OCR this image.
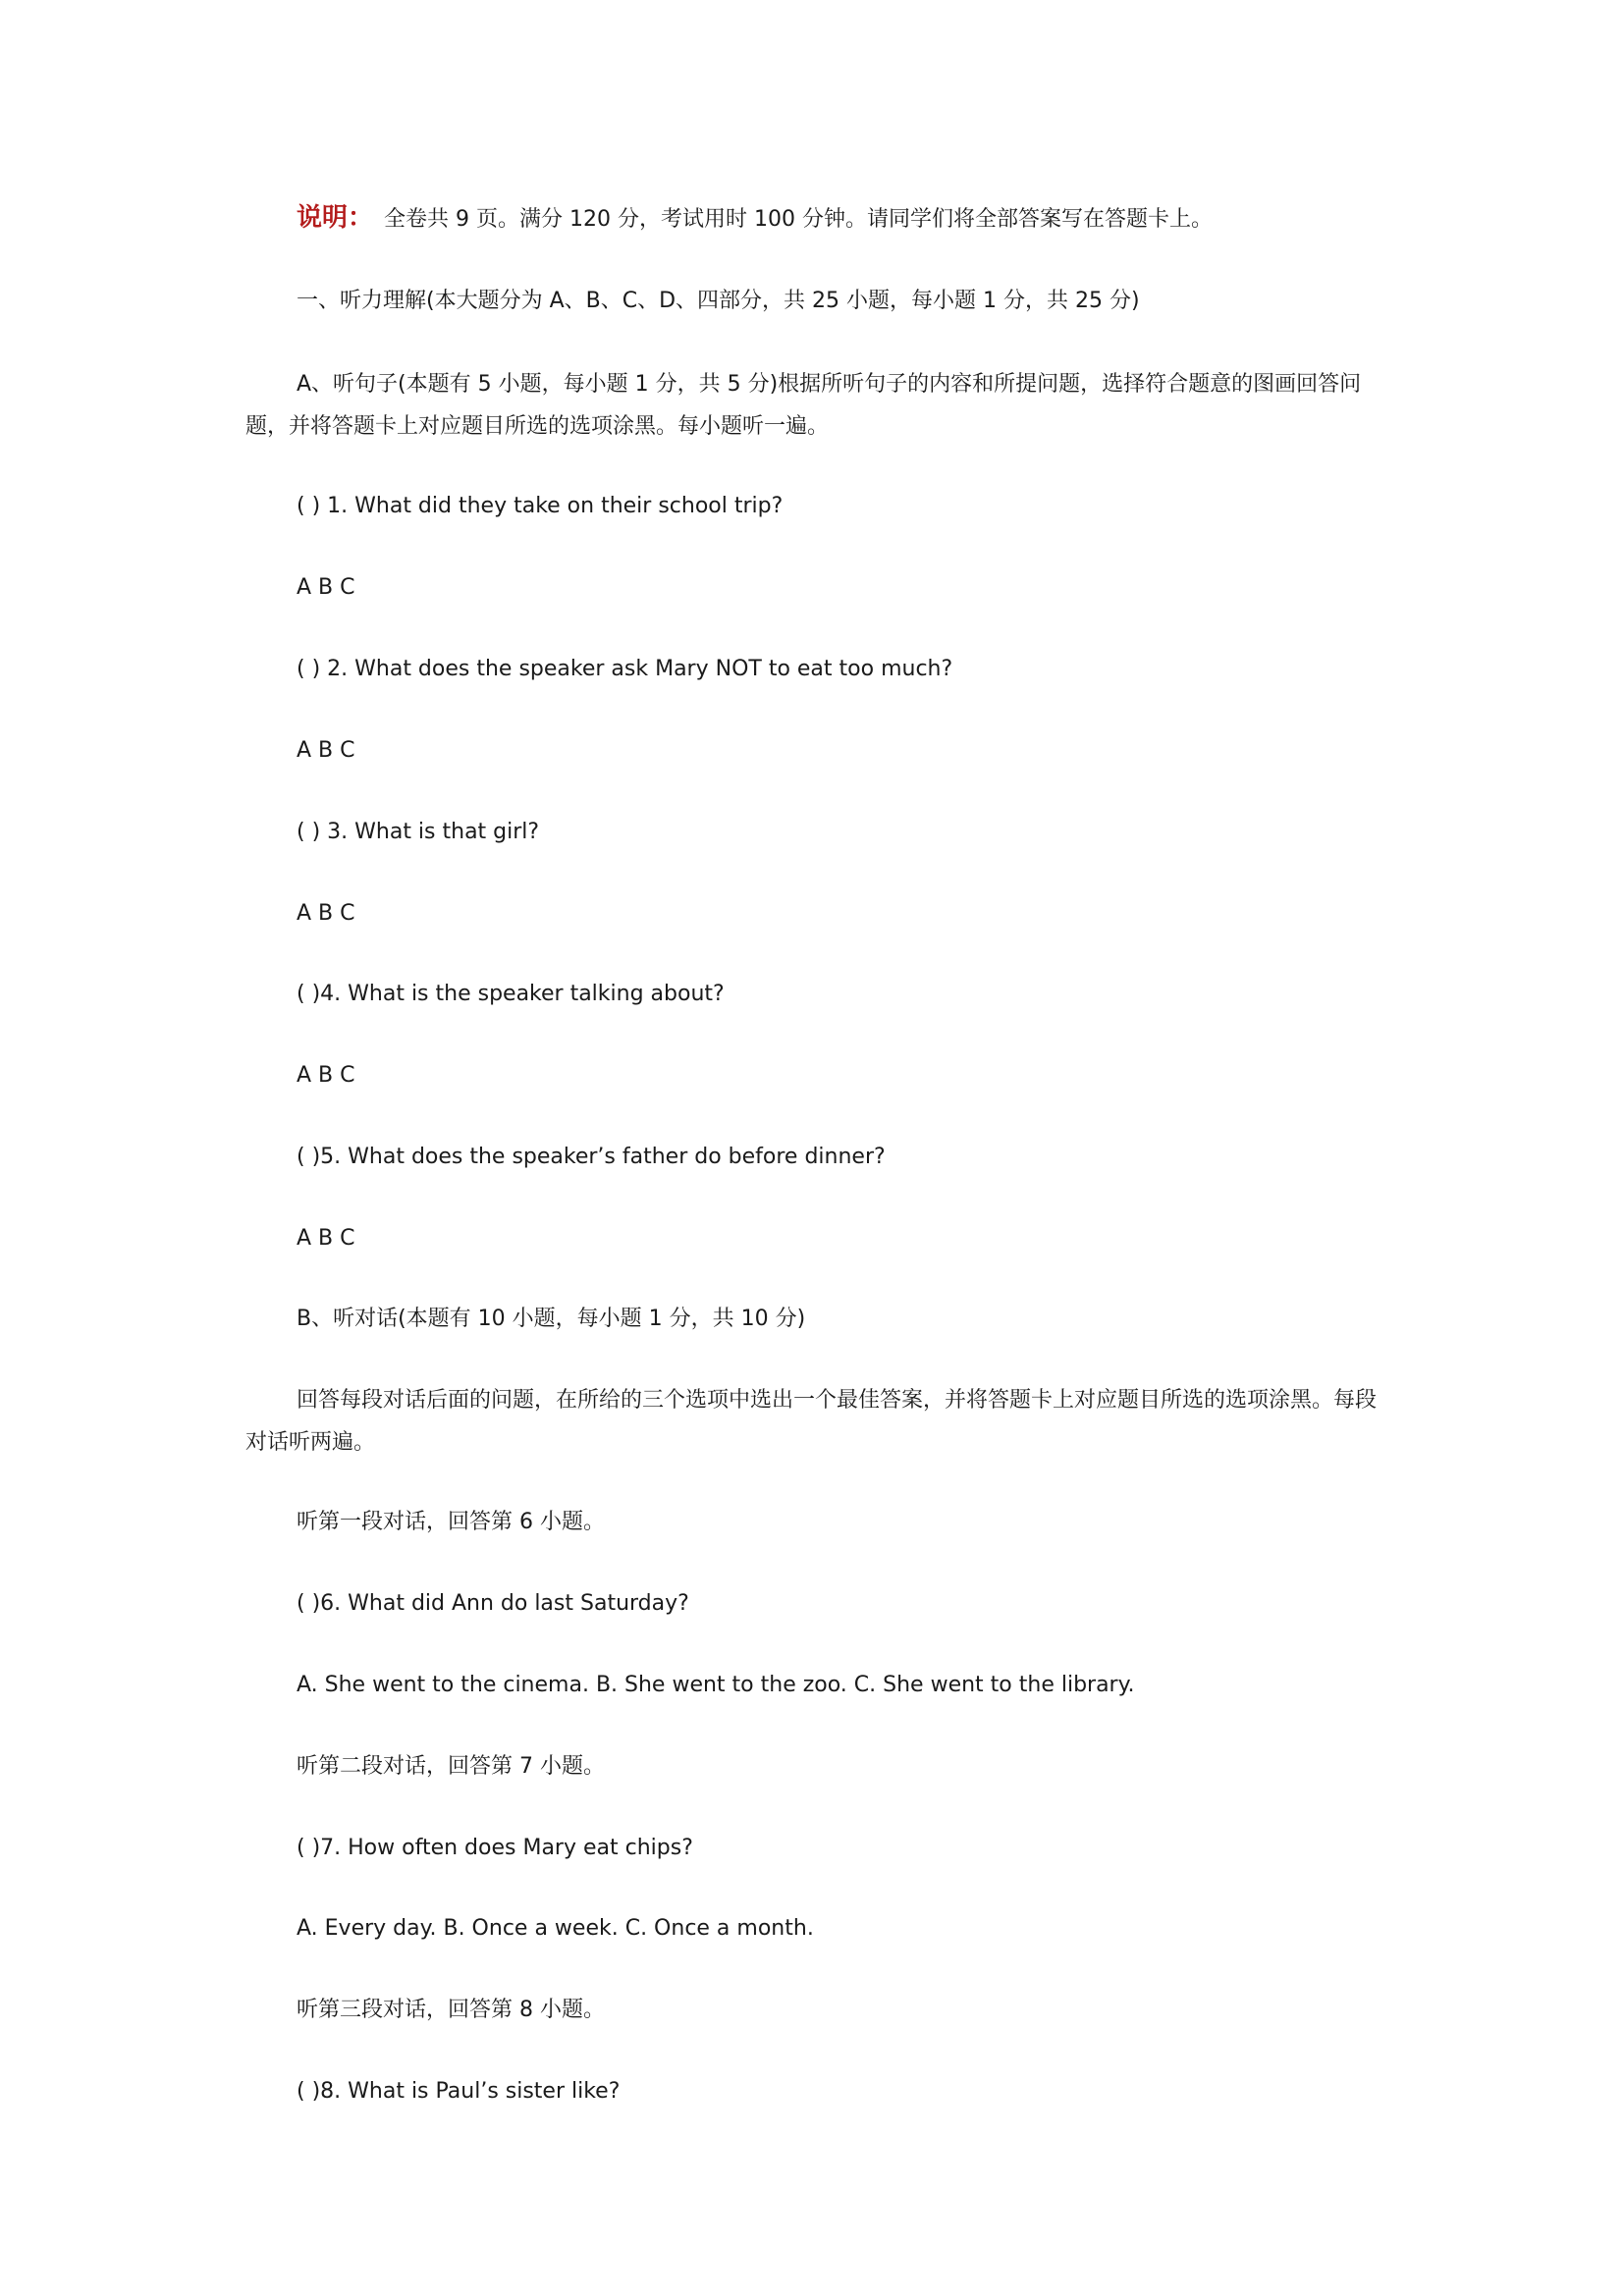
说明： 全卷共 9 页。满分 120 分，考试用时 100 分钟。请同学们将全部答案写在答题卡上。
一、听力理解(本大题分为 A、B、C、D、四部分，共 25 小题，每小题 1 分，共 25 分)
A、听句子(本题有 5 小题，每小题 1 分，共 5 分)根据所听句子的内容和所提问题，选择符合题意的图画回答问题，并将答题卡上对应题目所选的选项涂黑。每小题听一遍。
( ) 1. What did they take on their school trip?
A B C
( ) 2. What does the speaker ask Mary NOT to eat too much?
A B C
( ) 3. What is that girl?
A B C
( )4. What is the speaker talking about?
A B C
( )5. What does the speaker’s father do before dinner?
A B C
B、听对话(本题有 10 小题，每小题 1 分，共 10 分)
回答每段对话后面的问题，在所给的三个选项中选出一个最佳答案，并将答题卡上对应题目所选的选项涂黑。每段对话听两遍。
听第一段对话，回答第 6 小题。
( )6. What did Ann do last Saturday?
A. She went to the cinema. B. She went to the zoo. C. She went to the library.
听第二段对话，回答第 7 小题。
( )7. How often does Mary eat chips?
A. Every day. B. Once a week. C. Once a month.
听第三段对话，回答第 8 小题。
( )8. What is Paul’s sister like?
